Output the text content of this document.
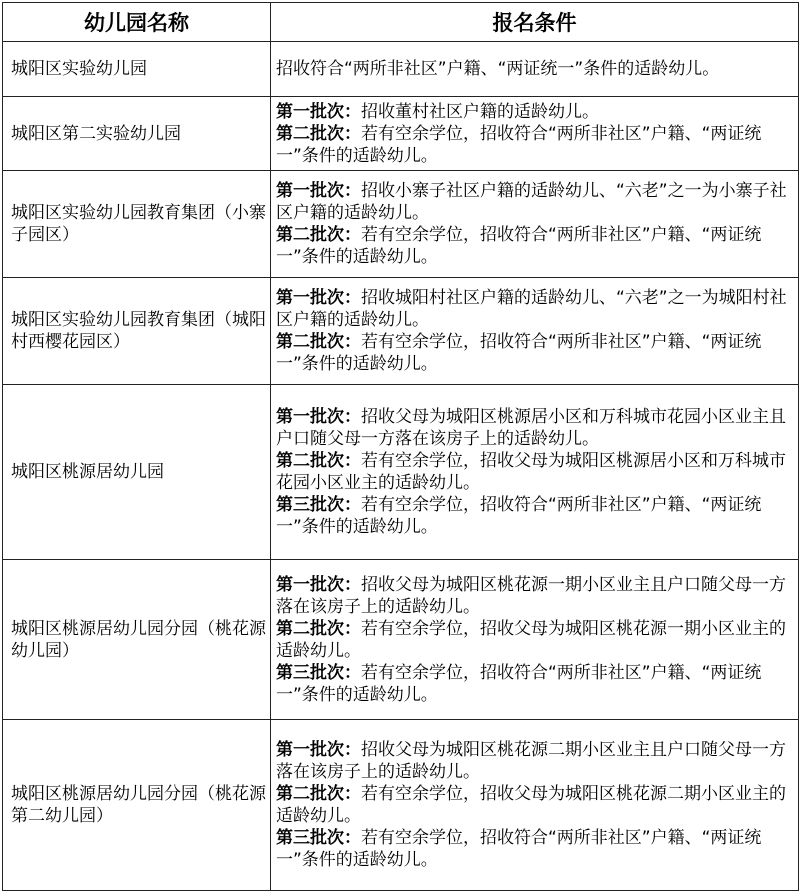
幼儿园名称	报名条件
城阳区实验幼儿园	招收符合“两所非社区”户籍、“两证统一”条件的适龄幼儿。

城阳区第二实验幼儿园	第一批次：招收董村社区户籍的适龄幼儿。
第二批次：若有空余学位，招收符合“两所非社区”户籍、“两证统一”条件的适龄幼儿。

城阳区实验幼儿园教育集团（小寨子园区）	第一批次：招收小寨子社区户籍的适龄幼儿、“六老”之一为小寨子社区户籍的适龄幼儿。
第二批次：若有空余学位，招收符合“两所非社区”户籍、“两证统一”条件的适龄幼儿。

城阳区实验幼儿园教育集团（城阳村西樱花园区）	第一批次：招收城阳村社区户籍的适龄幼儿、“六老”之一为城阳村社区户籍的适龄幼儿。
第二批次：若有空余学位，招收符合“两所非社区”户籍、“两证统一”条件的适龄幼儿。

城阳区桃源居幼儿园	第一批次：招收父母为城阳区桃源居小区和万科城市花园小区业主且户口随父母一方落在该房子上的适龄幼儿。
第二批次：若有空余学位，招收父母为城阳区桃源居小区和万科城市花园小区业主的适龄幼儿。
第三批次：若有空余学位，招收符合“两所非社区”户籍、“两证统一”条件的适龄幼儿。

城阳区桃源居幼儿园分园（桃花源幼儿园）	第一批次：招收父母为城阳区桃花源一期小区业主且户口随父母一方落在该房子上的适龄幼儿。
第二批次：若有空余学位，招收父母为城阳区桃花源一期小区业主的适龄幼儿。
第三批次：若有空余学位，招收符合“两所非社区”户籍、“两证统一”条件的适龄幼儿。

城阳区桃源居幼儿园分园（桃花源第二幼儿园）	第一批次：招收父母为城阳区桃花源二期小区业主且户口随父母一方落在该房子上的适龄幼儿。
第二批次：若有空余学位，招收父母为城阳区桃花源二期小区业主的适龄幼儿。
第三批次：若有空余学位，招收符合“两所非社区”户籍、“两证统一”条件的适龄幼儿。
